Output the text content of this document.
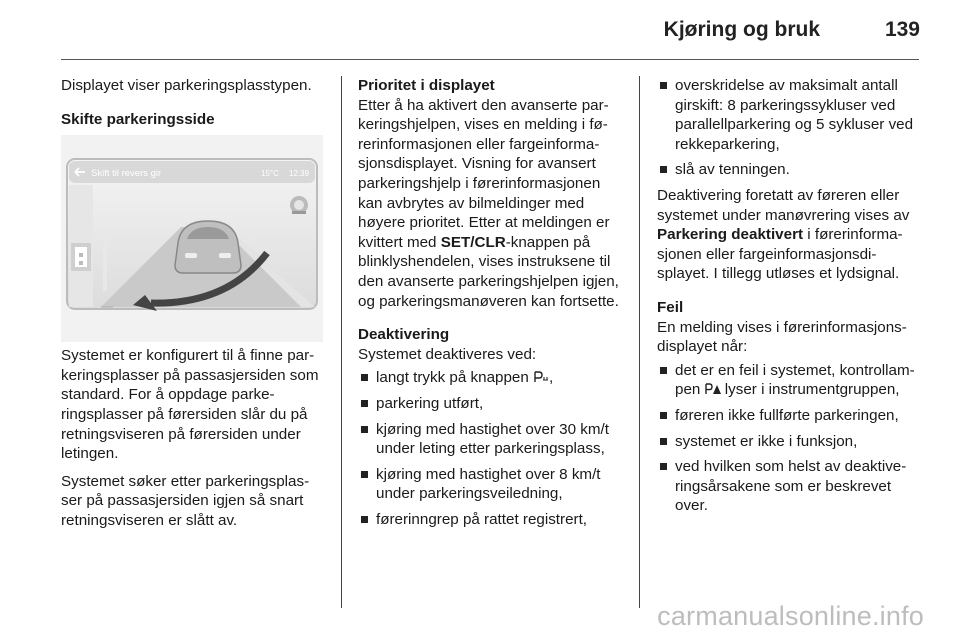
Kjøring og bruk	139

Displayet viser parkeringsplasstypen.

Skifte parkeringsside

Skift til revers gir	15°C 12:39

Systemet er konfigurert til å finne par-keringsplasser på passasjersiden som standard. For å oppdage parke-ringsplasser på førersiden slår du på retningsviseren på førersiden under letingen.

Systemet søker etter parkeringsplas-ser på passasjersiden igjen så snart retningsviseren er slått av.

Prioritet i displayet

Etter å ha aktivert den avanserte par-keringshjelpen, vises en melding i fø-rerinformasjonen eller fargeinforma-sjonsdisplayet. Visning for avansert parkeringshjelp i førerinformasjonen kan avbrytes av bilmeldinger med høyere prioritet. Etter at meldingen er kvittert med SET/CLR-knappen på blinklyshendelen, vises instruksene til den avanserte parkeringshjelpen igjen, og parkeringsmanøveren kan fortsette.

Deaktivering

Systemet deaktiveres ved:

langt trykk på knappen ,
parkering utført,
kjøring med hastighet over 30 km/t under leting etter parkeringsplass,
kjøring med hastighet over 8 km/t under parkeringsveiledning,
førerinngrep på rattet registrert,
overskridelse av maksimalt antall girskift: 8 parkeringssykluser ved parallellparkering og 5 sykluser ved rekkeparkering,
slå av tenningen.

Deaktivering foretatt av føreren eller systemet under manøvrering vises av Parkering deaktivert i førerinforma-sjonen eller fargeinformasjonsdi-splayet. I tillegg utløses et lydsignal.

Feil

En melding vises i førerinformasjons-displayet når:

det er en feil i systemet, kontrollam-pen  lyser i instrumentgruppen,
føreren ikke fullførte parkeringen,
systemet er ikke i funksjon,
ved hvilken som helst av deaktive-ringsårsakene som er beskrevet over.
carmanualsonline.info
